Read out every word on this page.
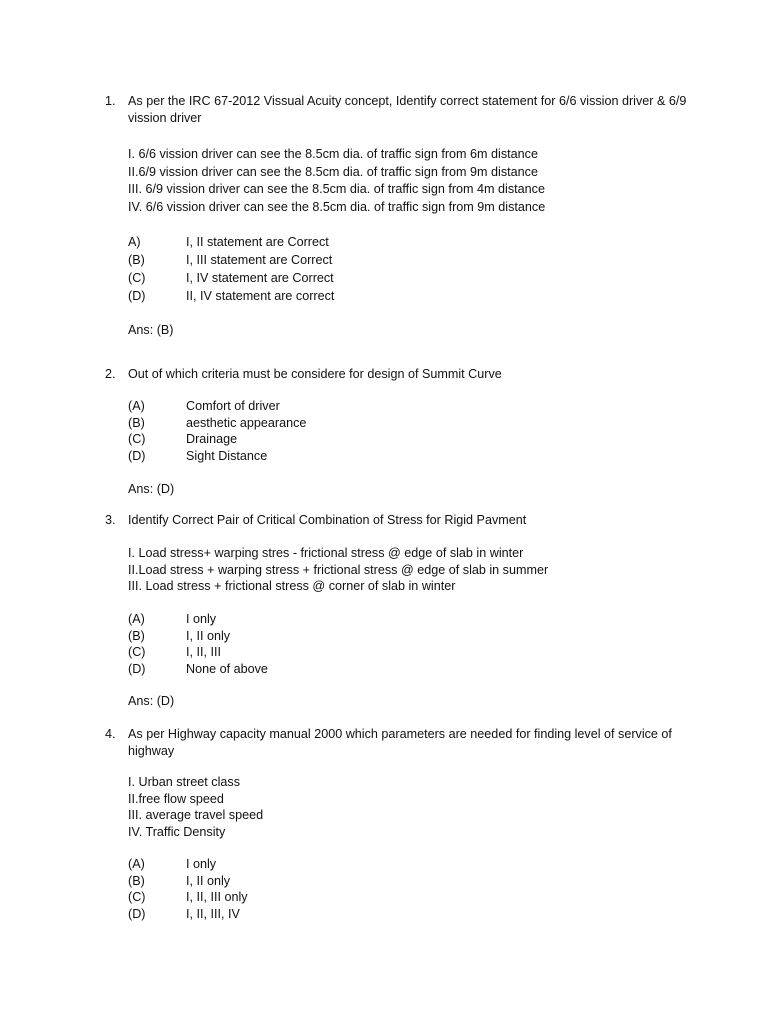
1. As per the IRC 67-2012 Vissual Acuity concept, Identify correct statement for 6/6 vission driver & 6/9 vission driver
I. 6/6 vission driver can see the 8.5cm dia. of traffic sign from 6m distance
II.6/9 vission driver can see the 8.5cm dia. of traffic sign from 9m distance
III. 6/9 vission driver can see the 8.5cm dia. of traffic sign from 4m distance
IV. 6/6 vission driver can see the 8.5cm dia. of traffic sign from 9m distance
A)	I, II statement are Correct
(B)	I, III statement are Correct
(C)	I, IV statement are Correct
(D)	II, IV statement are correct
Ans: (B)
2. Out of which criteria must be considere for design of Summit Curve
(A)	Comfort of driver
(B)	aesthetic appearance
(C)	Drainage
(D)	Sight Distance
Ans: (D)
3. Identify Correct Pair of Critical Combination of Stress for Rigid Pavment
I. Load stress+ warping stres - frictional stress @ edge of slab in winter
II.Load stress + warping stress + frictional stress @ edge of slab in summer
III. Load stress + frictional stress @ corner of slab in winter
(A)	I only
(B)	I, II only
(C)	I, II, III
(D)	None of above
Ans: (D)
4. As per Highway capacity manual 2000 which parameters are needed for finding level of service of highway
I. Urban street class
II.free flow speed
III. average travel speed
IV. Traffic Density
(A)	I only
(B)	I, II only
(C)	I, II, III only
(D)	I, II, III, IV
